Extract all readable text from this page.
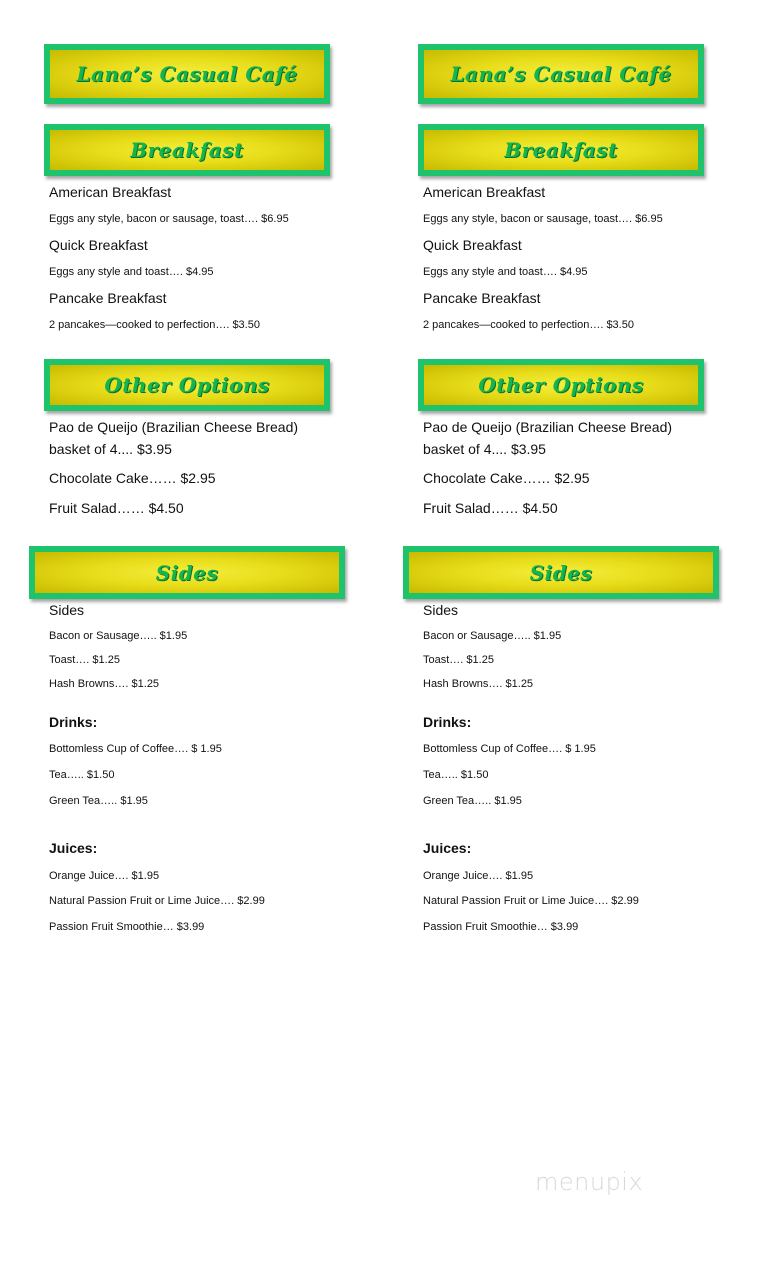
Lana’s Casual Café
Breakfast
American Breakfast
Eggs any style, bacon or sausage, toast…. $6.95
Quick Breakfast
Eggs any style and toast…. $4.95
Pancake Breakfast
2 pancakes—cooked to perfection…. $3.50
Other Options
Pao de Queijo (Brazilian Cheese Bread)
basket of 4.... $3.95
Chocolate Cake…… $2.95
Fruit Salad…… $4.50
Sides
Sides
Bacon or Sausage….. $1.95
Toast…. $1.25
Hash Browns…. $1.25
Drinks:
Bottomless Cup of Coffee…. $ 1.95
Tea….. $1.50
Green Tea….. $1.95
Juices:
Orange Juice…. $1.95
Natural Passion Fruit or Lime Juice…. $2.99
Passion Fruit Smoothie… $3.99
Lana’s Casual Café
Breakfast
American Breakfast
Eggs any style, bacon or sausage, toast…. $6.95
Quick Breakfast
Eggs any style and toast…. $4.95
Pancake Breakfast
2 pancakes—cooked to perfection…. $3.50
Other Options
Pao de Queijo (Brazilian Cheese Bread)
basket of 4.... $3.95
Chocolate Cake…… $2.95
Fruit Salad…… $4.50
Sides
Sides
Bacon or Sausage….. $1.95
Toast…. $1.25
Hash Browns…. $1.25
Drinks:
Bottomless Cup of Coffee…. $ 1.95
Tea….. $1.50
Green Tea….. $1.95
Juices:
Orange Juice…. $1.95
Natural Passion Fruit or Lime Juice…. $2.99
Passion Fruit Smoothie… $3.99
menupix
